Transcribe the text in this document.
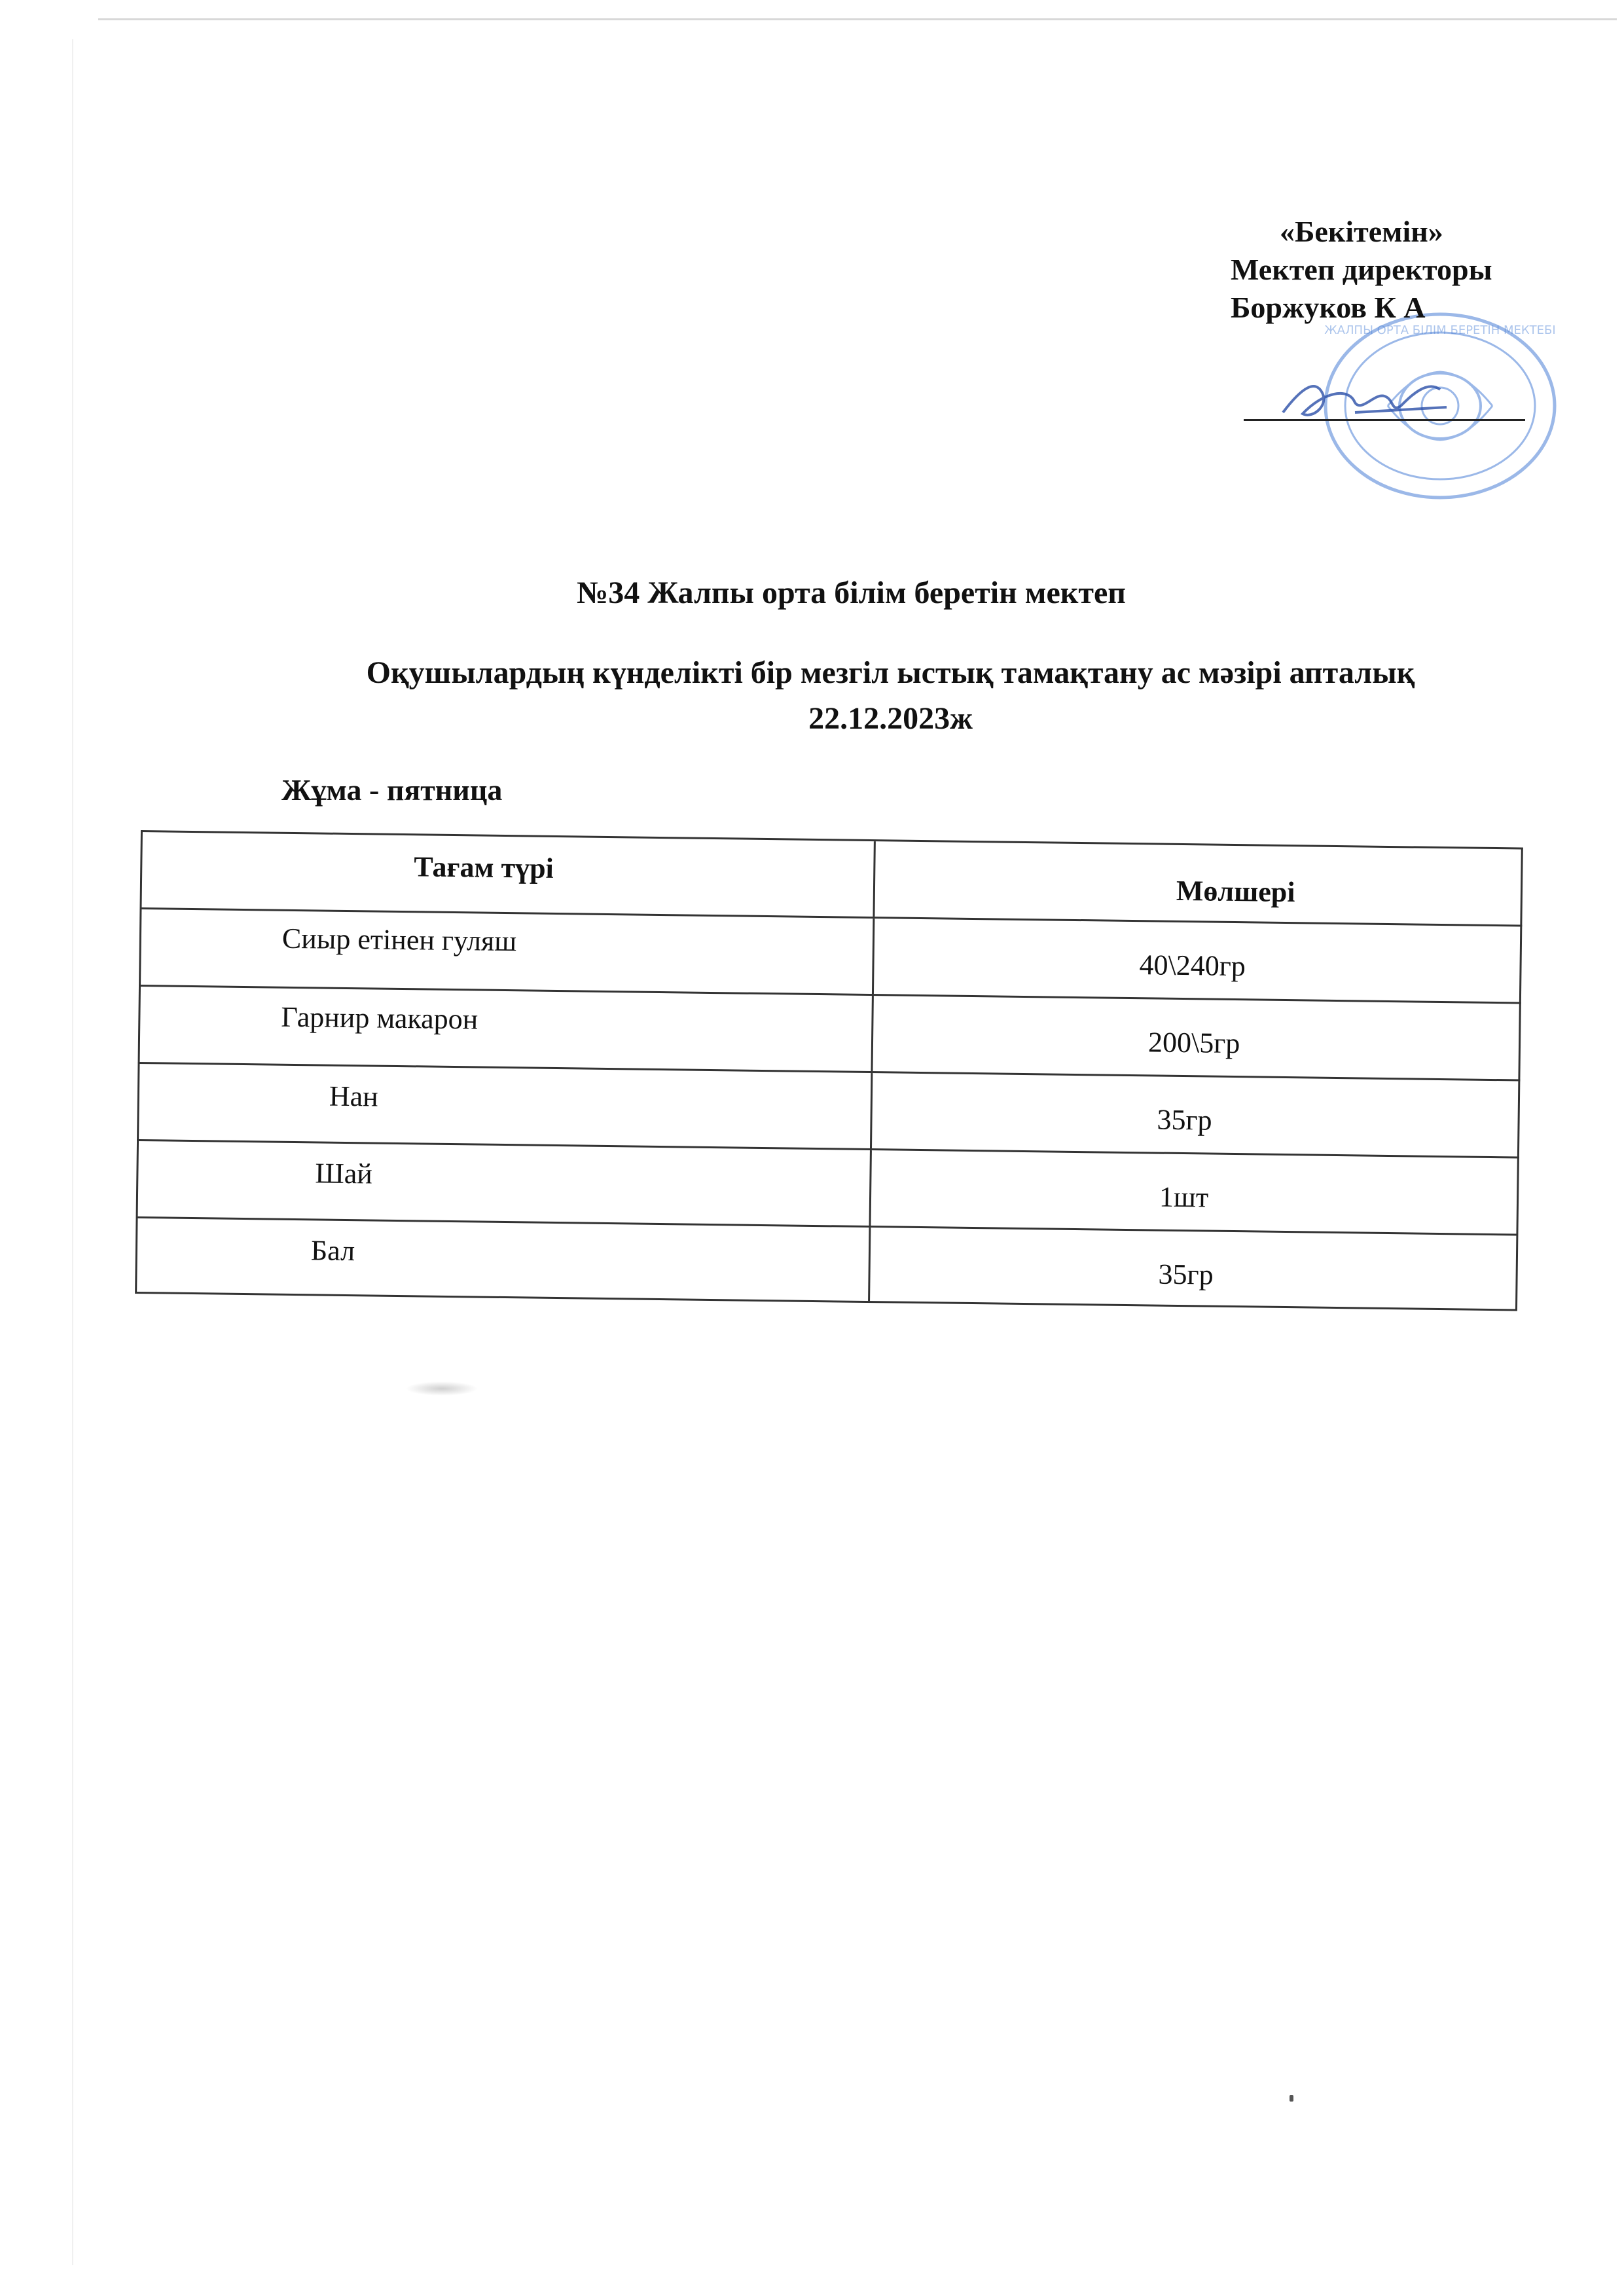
ЖАЛПЫ ОРТА БІЛІМ БЕРЕТІН МЕКТЕБІ
«Бекітемін»
Мектеп директоры
Боржуков К А
№34 Жалпы орта білім беретін мектеп
Оқушылардың күнделікті бір мезгіл ыстық тамақтану ас мәзірі апталық
22.12.2023ж
Жұма - пятница
Тағам түрі
Мөлшері
Сиыр етінен гуляш
40\240гр
Гарнир макарон
200\5гр
Нан
35гр
Шай
1шт
Бал
35гр
